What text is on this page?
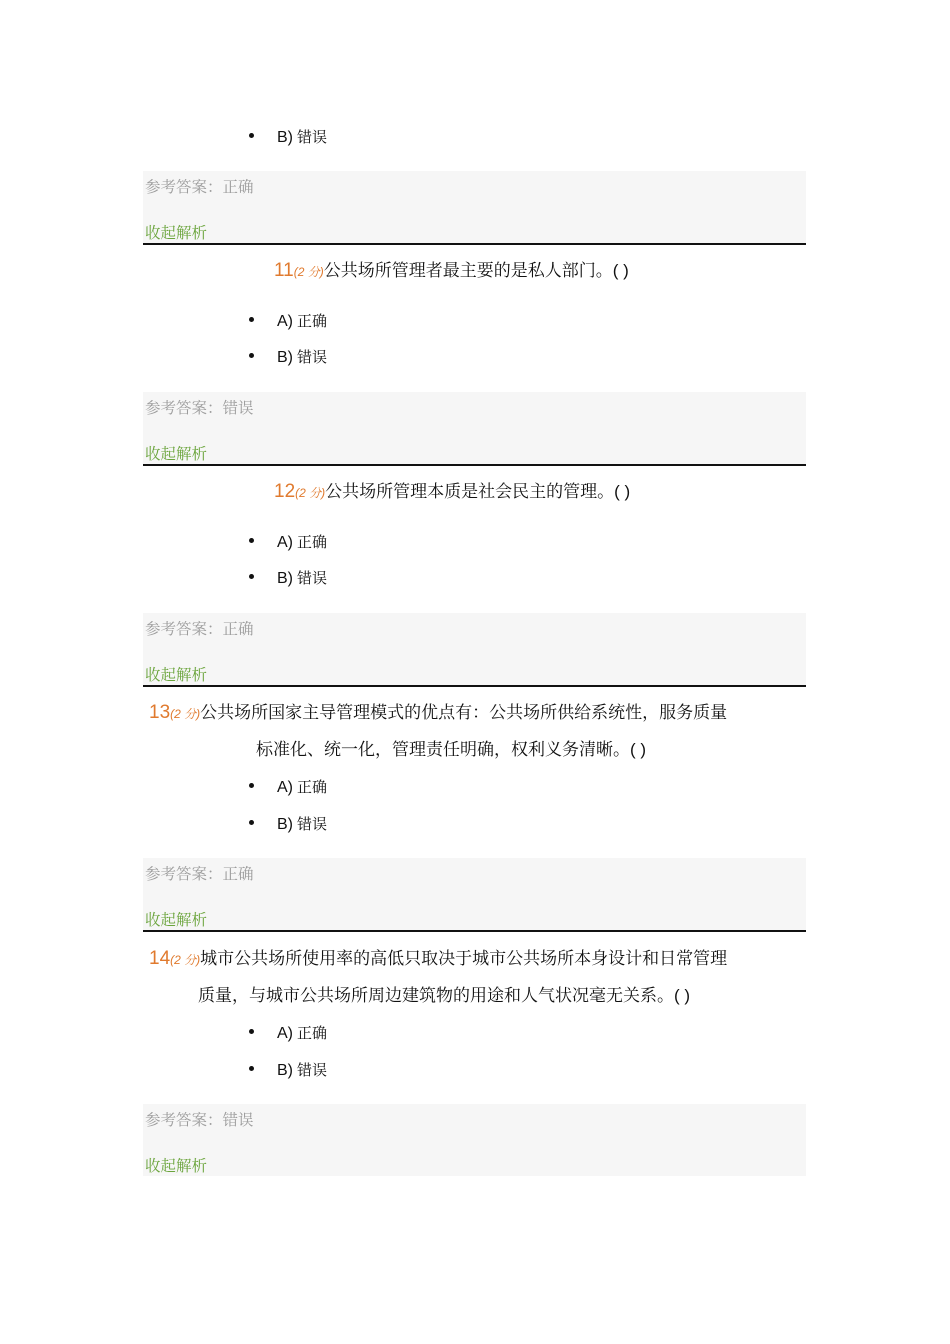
B) 错误
参考答案：正确
收起解析
11(2 分)公共场所管理者最主要的是私人部门。( )
A) 正确
B) 错误
参考答案：错误
收起解析
12(2 分)公共场所管理本质是社会民主的管理。( )
A) 正确
B) 错误
参考答案：正确
收起解析
13(2 分)公共场所国家主导管理模式的优点有：公共场所供给系统性，服务质量
标准化、统一化，管理责任明确，权利义务清晰。( )
A) 正确
B) 错误
参考答案：正确
收起解析
14(2 分)城市公共场所使用率的高低只取决于城市公共场所本身设计和日常管理
质量，与城市公共场所周边建筑物的用途和人气状况毫无关系。( )
A) 正确
B) 错误
参考答案：错误
收起解析
